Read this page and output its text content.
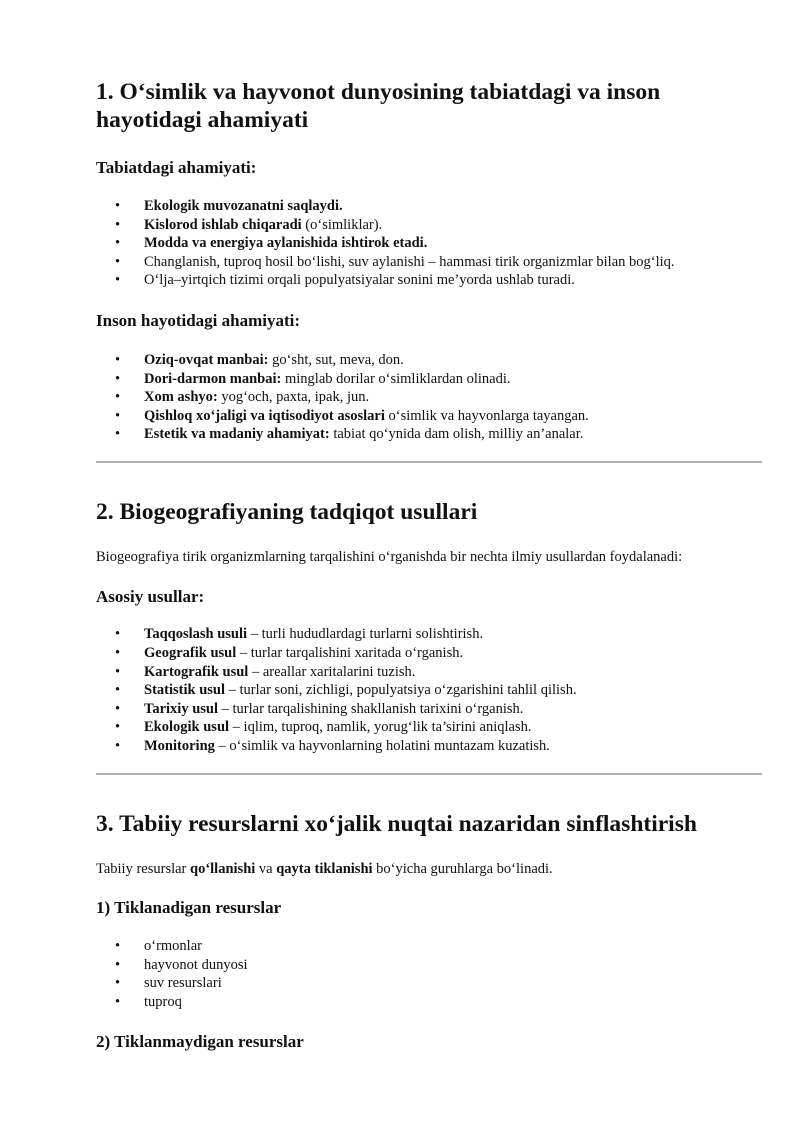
1. O‘simlik va hayvonot dunyosining tabiatdagi va inson hayotidagi ahamiyati
Tabiatdagi ahamiyati:
• Ekologik muvozanatni saqlaydi.
• Kislorod ishlab chiqaradi (o‘simliklar).
• Modda va energiya aylanishida ishtirok etadi.
• Changlanish, tuproq hosil bo‘lishi, suv aylanishi – hammasi tirik organizmlar bilan bog‘liq.
• O‘lja–yirtqich tizimi orqali populyatsiyalar sonini me’yorda ushlab turadi.
Inson hayotidagi ahamiyati:
• Oziq-ovqat manbai: go‘sht, sut, meva, don.
• Dori-darmon manbai: minglab dorilar o‘simliklardan olinadi.
• Xom ashyo: yog‘och, paxta, ipak, jun.
• Qishloq xo‘jaligi va iqtisodiyot asoslari o‘simlik va hayvonlarga tayangan.
• Estetik va madaniy ahamiyat: tabiat qo‘ynida dam olish, milliy an’analar.
2. Biogeografiyaning tadqiqot usullari

Biogeografiya tirik organizmlarning tarqalishini o‘rganishda bir nechta ilmiy usullardan foydalanadi:

Asosiy usullar:
• Taqqoslash usuli – turli hududlardagi turlarni solishtirish.
• Geografik usul – turlar tarqalishini xaritada o‘rganish.
• Kartografik usul – areallar xaritalarini tuzish.
• Statistik usul – turlar soni, zichligi, populyatsiya o‘zgarishini tahlil qilish.
• Tarixiy usul – turlar tarqalishining shakllanish tarixini o‘rganish.
• Ekologik usul – iqlim, tuproq, namlik, yorug‘lik ta’sirini aniqlash.
• Monitoring – o‘simlik va hayvonlarning holatini muntazam kuzatish.
3. Tabiiy resurslarni xo‘jalik nuqtai nazaridan sinflashtirish

Tabiiy resurslar qo‘llanishi va qayta tiklanishi bo‘yicha guruhlarga bo‘linadi.

1) Tiklanadigan resurslar
• o‘rmonlar
• hayvonot dunyosi
• suv resurslari
• tuproq
2) Tiklanmaydigan resurslar
